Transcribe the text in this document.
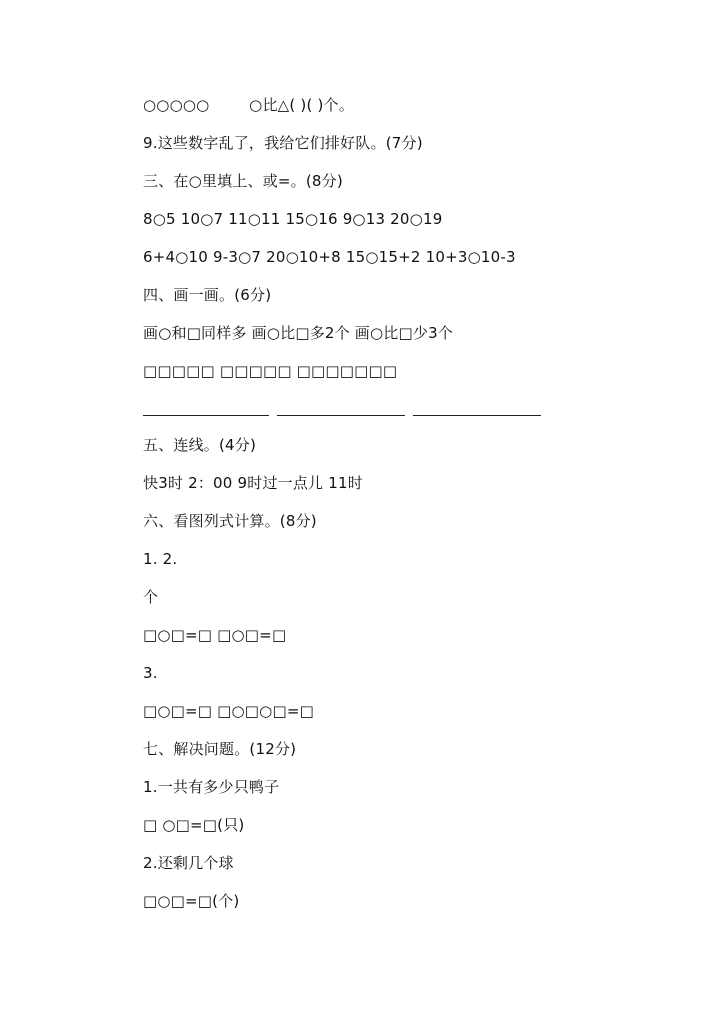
○○○○○        ○比△( )( )个。
9.这些数字乱了，我给它们排好队。(7分)
三、在○里填上、或=。(8分)
8○5 10○7 11○11 15○16 9○13 20○19
6+4○10 9-3○7 20○10+8 15○15+2 10+3○10-3
四、画一画。(6分)
画○和□同样多 画○比□多2个 画○比□少3个
□□□□□ □□□□□ □□□□□□□
五、连线。(4分)
快3时 2：00 9时过一点儿 11时
六、看图列式计算。(8分)
1. 2.
个
□○□=□ □○□=□
3.
□○□=□ □○□○□=□
七、解决问题。(12分)
1.一共有多少只鸭子
□ ○□=□(只)
2.还剩几个球
□○□=□(个)
